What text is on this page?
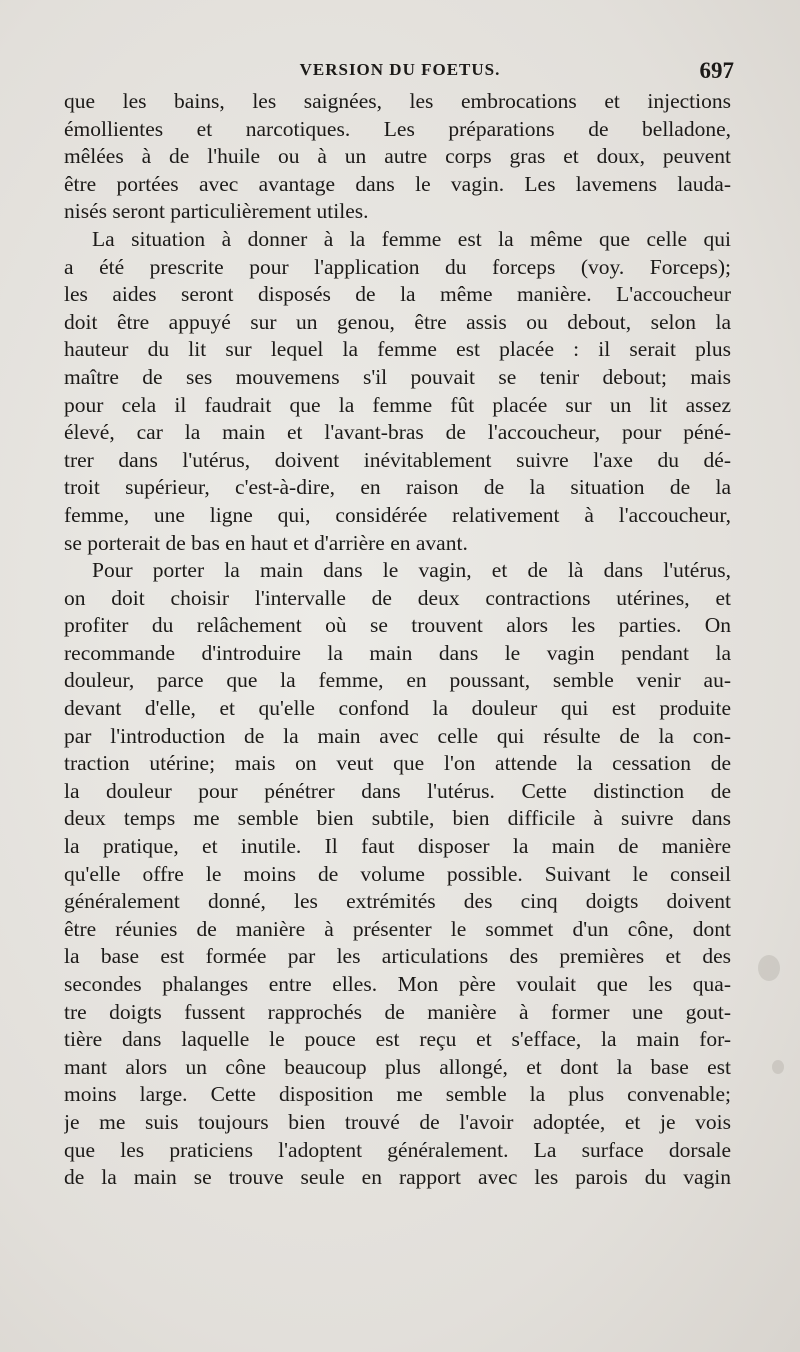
VERSION DU FOETUS.	697
que les bains, les saignées, les embrocations et injections
émollientes et narcotiques. Les préparations de belladone,
mêlées à de l'huile ou à un autre corps gras et doux, peuvent
être portées avec avantage dans le vagin. Les lavemens lauda-
nisés seront particulièrement utiles.
La situation à donner à la femme est la même que celle qui
a été prescrite pour l'application du forceps (voy. Forceps);
les aides seront disposés de la même manière. L'accoucheur
doit être appuyé sur un genou, être assis ou debout, selon la
hauteur du lit sur lequel la femme est placée : il serait plus
maître de ses mouvemens s'il pouvait se tenir debout; mais
pour cela il faudrait que la femme fût placée sur un lit assez
élevé, car la main et l'avant-bras de l'accoucheur, pour péné-
trer dans l'utérus, doivent inévitablement suivre l'axe du dé-
troit supérieur, c'est-à-dire, en raison de la situation de la
femme, une ligne qui, considérée relativement à l'accoucheur,
se porterait de bas en haut et d'arrière en avant.
Pour porter la main dans le vagin, et de là dans l'utérus,
on doit choisir l'intervalle de deux contractions utérines, et
profiter du relâchement où se trouvent alors les parties. On
recommande d'introduire la main dans le vagin pendant la
douleur, parce que la femme, en poussant, semble venir au-
devant d'elle, et qu'elle confond la douleur qui est produite
par l'introduction de la main avec celle qui résulte de la con-
traction utérine; mais on veut que l'on attende la cessation de
la douleur pour pénétrer dans l'utérus. Cette distinction de
deux temps me semble bien subtile, bien difficile à suivre dans
la pratique, et inutile. Il faut disposer la main de manière
qu'elle offre le moins de volume possible. Suivant le conseil
généralement donné, les extrémités des cinq doigts doivent
être réunies de manière à présenter le sommet d'un cône, dont
la base est formée par les articulations des premières et des
secondes phalanges entre elles. Mon père voulait que les qua-
tre doigts fussent rapprochés de manière à former une gout-
tière dans laquelle le pouce est reçu et s'efface, la main for-
mant alors un cône beaucoup plus allongé, et dont la base est
moins large. Cette disposition me semble la plus convenable;
je me suis toujours bien trouvé de l'avoir adoptée, et je vois
que les praticiens l'adoptent généralement. La surface dorsale
de la main se trouve seule en rapport avec les parois du vagin
